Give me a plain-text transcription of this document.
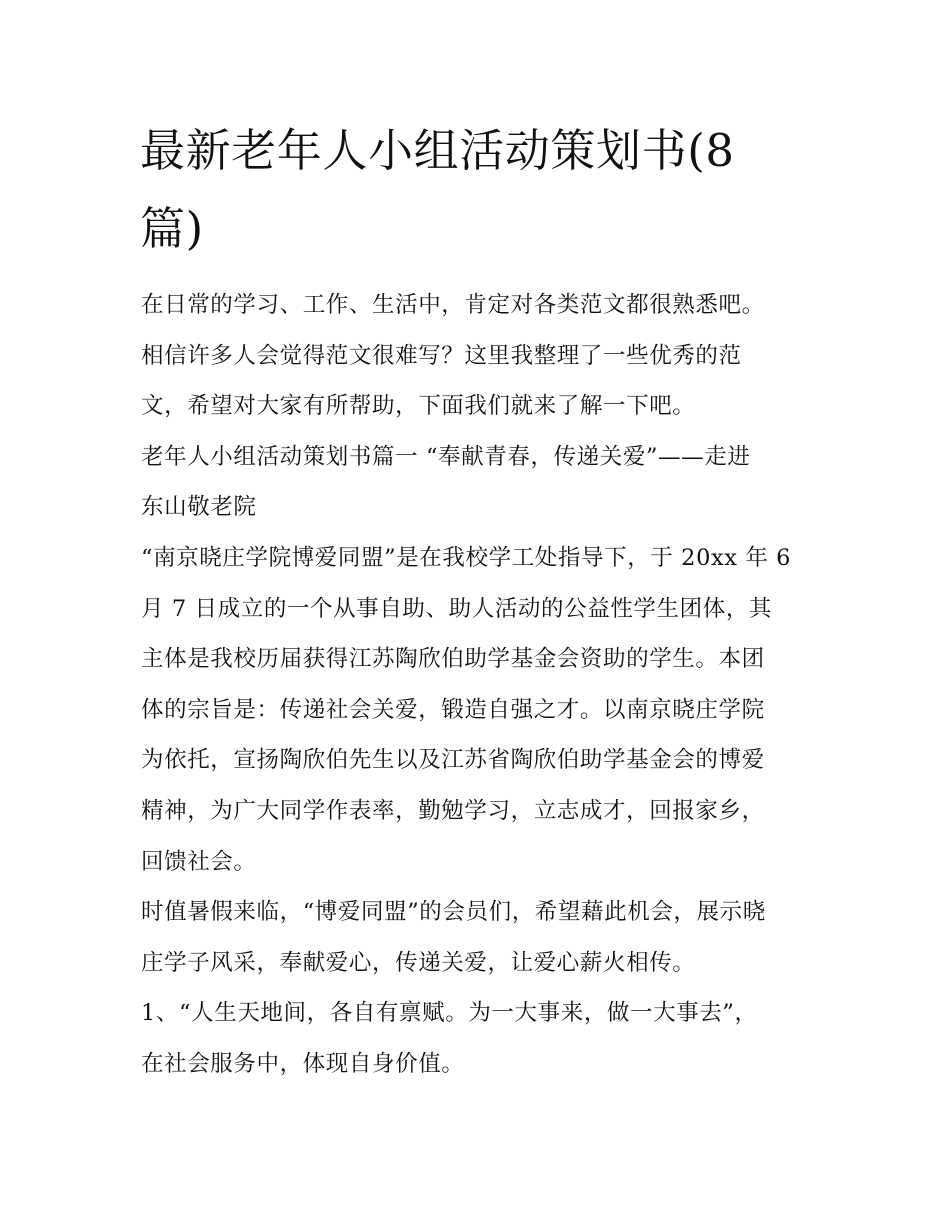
最新老年人小组活动策划书(8
篇)
在日常的学习、工作、生活中，肯定对各类范文都很熟悉吧。
相信许多人会觉得范文很难写？这里我整理了一些优秀的范
文，希望对大家有所帮助，下面我们就来了解一下吧。
老年人小组活动策划书篇一 “奉献青春，传递关爱”——走进
东山敬老院
“南京晓庄学院博爱同盟”是在我校学工处指导下，于 20xx 年 6
月 7 日成立的一个从事自助、助人活动的公益性学生团体，其
主体是我校历届获得江苏陶欣伯助学基金会资助的学生。本团
体的宗旨是：传递社会关爱，锻造自强之才。以南京晓庄学院
为依托，宣扬陶欣伯先生以及江苏省陶欣伯助学基金会的博爱
精神，为广大同学作表率，勤勉学习，立志成才，回报家乡，
回馈社会。
时值暑假来临，“博爱同盟”的会员们，希望藉此机会，展示晓
庄学子风采，奉献爱心，传递关爱，让爱心薪火相传。
1、“人生天地间，各自有禀赋。为一大事来，做一大事去”，
在社会服务中，体现自身价值。
